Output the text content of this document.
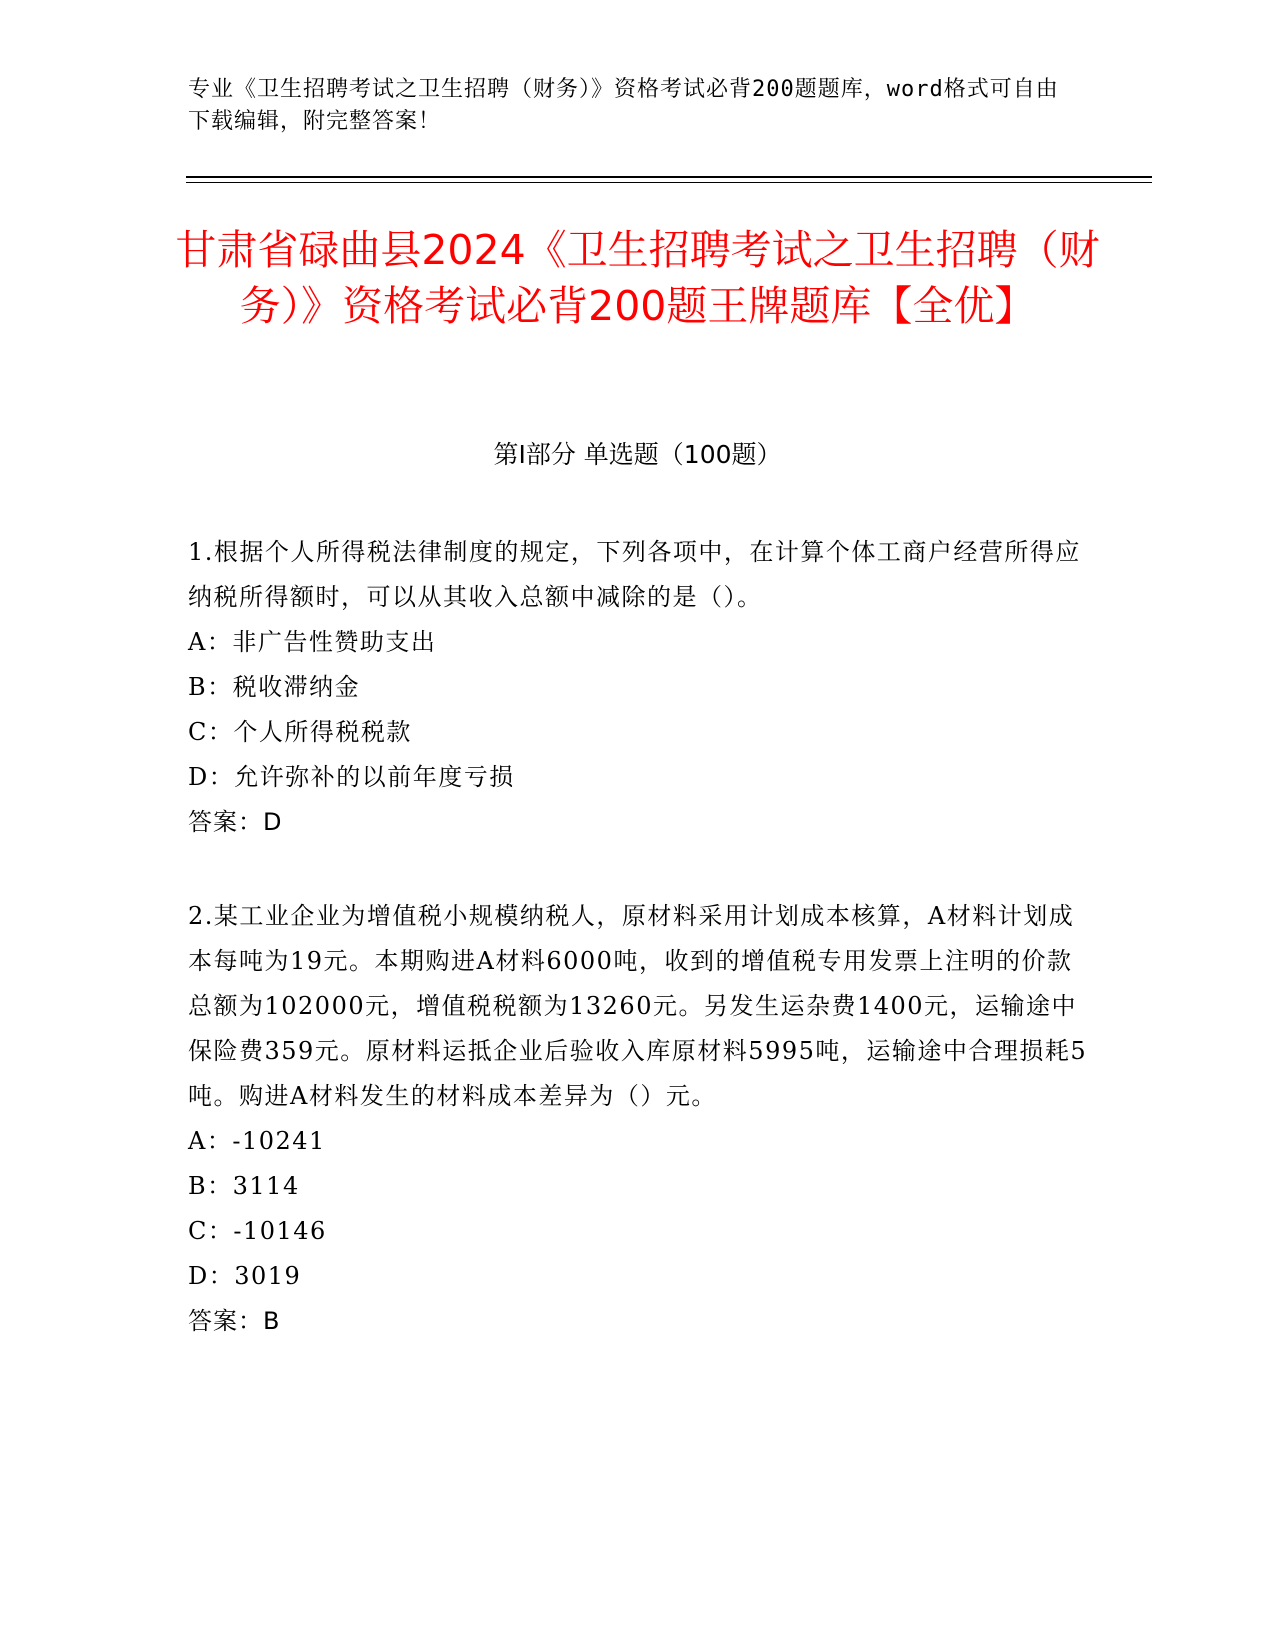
专业《卫生招聘考试之卫生招聘（财务）》资格考试必背200题题库，word格式可自由下载编辑，附完整答案！
甘肃省碌曲县2024《卫生招聘考试之卫生招聘（财务）》资格考试必背200题王牌题库【全优】
第Ⅰ部分 单选题（100题）

1.根据个人所得税法律制度的规定，下列各项中，在计算个体工商户经营所得应纳税所得额时，可以从其收入总额中减除的是（）。

A：非广告性赞助支出

B：税收滞纳金

C：个人所得税税款

D：允许弥补的以前年度亏损

答案：D

2.某工业企业为增值税小规模纳税人，原材料采用计划成本核算，A材料计划成本每吨为19元。本期购进A材料6000吨，收到的增值税专用发票上注明的价款总额为102000元，增值税税额为13260元。另发生运杂费1400元，运输途中保险费359元。原材料运抵企业后验收入库原材料5995吨，运输途中合理损耗5吨。购进A材料发生的材料成本差异为（）元。

A：-10241

B：3114

C：-10146

D：3019

答案：B
